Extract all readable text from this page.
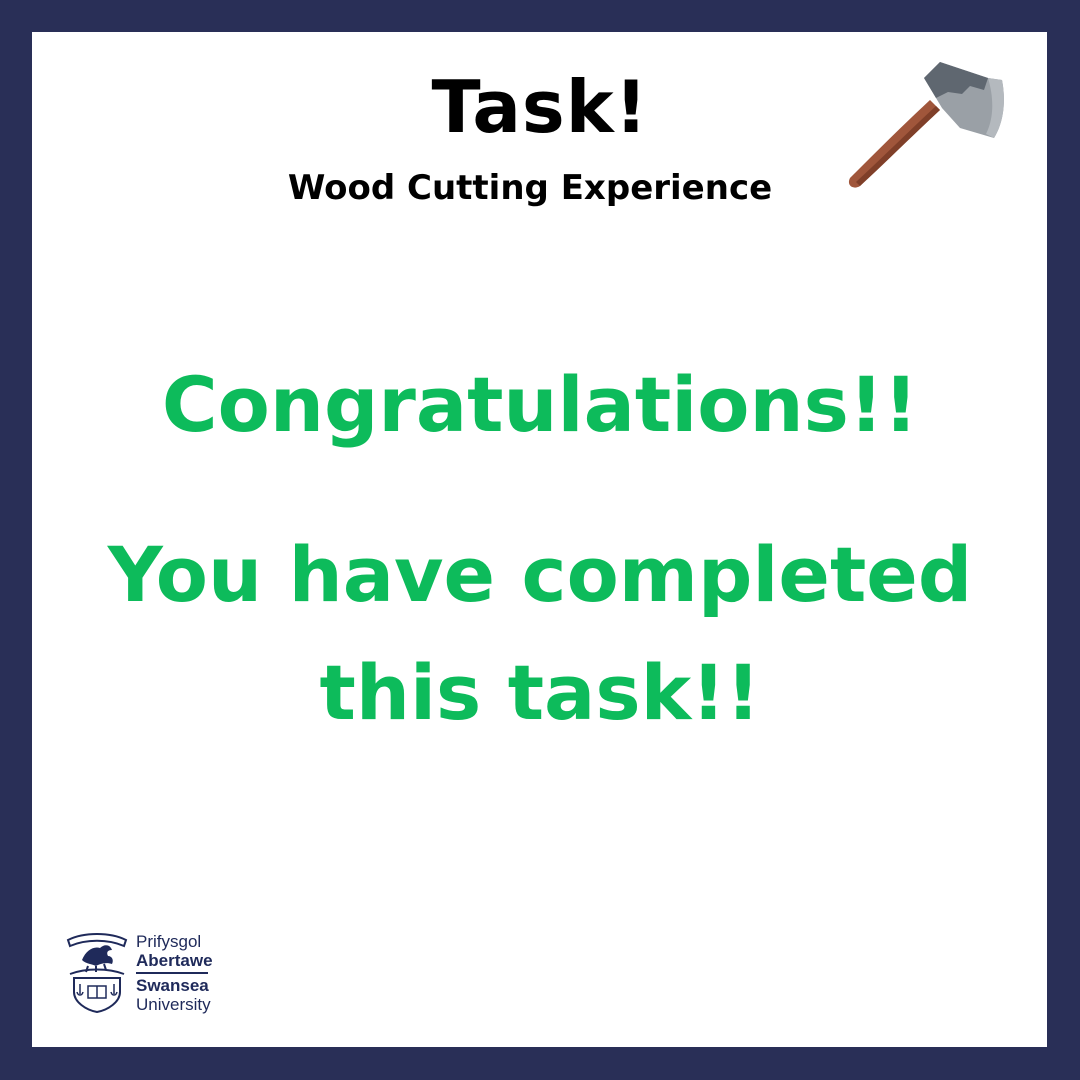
Task!
Wood Cutting Experience
Congratulations!!
You have completed
this task!!
Prifysgol
Abertawe
Swansea
University
